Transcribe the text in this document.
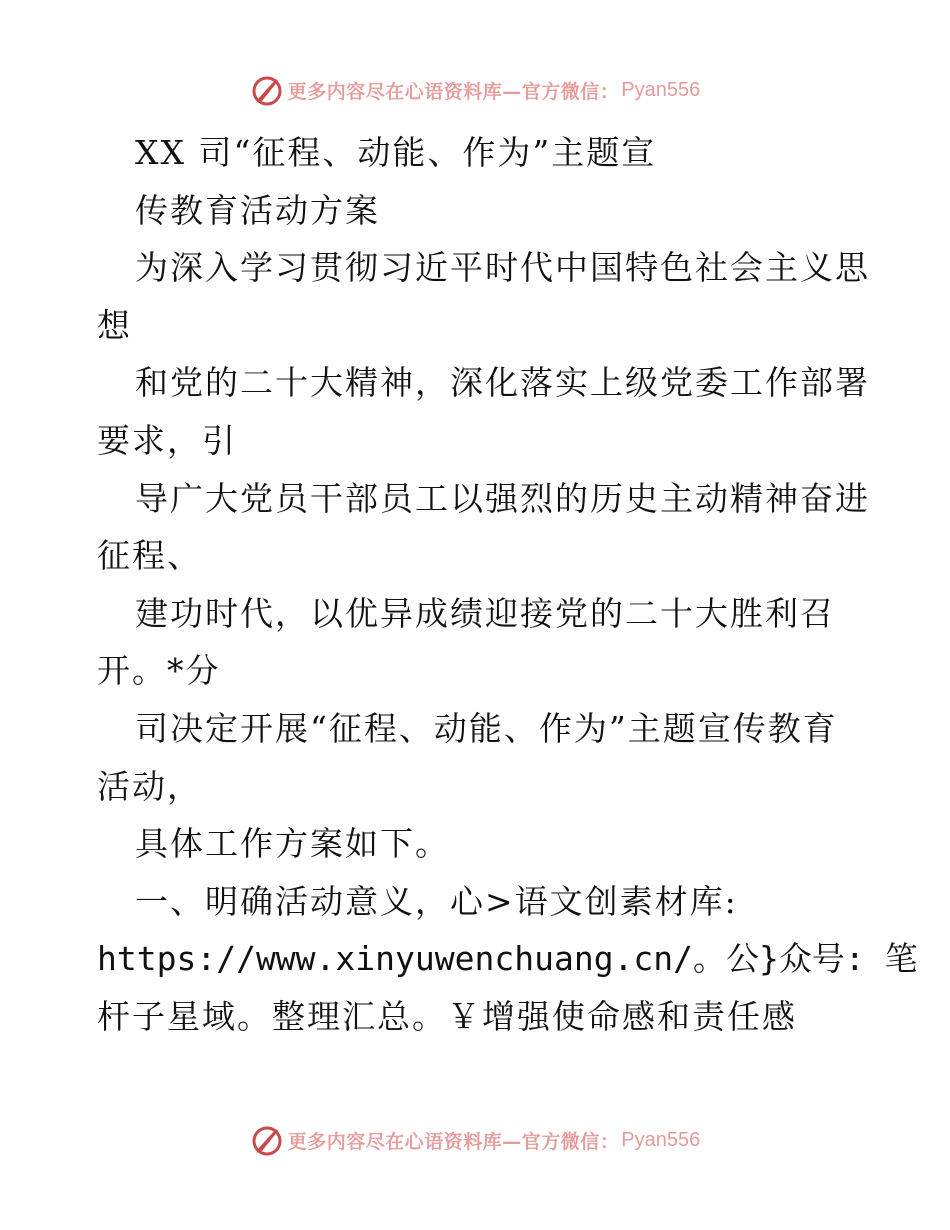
更多内容尽在心语资料库—官方微信： Pyan556
XX 司“征程、动能、作为”主题宣
传教育活动方案
为深入学习贯彻习近平时代中国特色社会主义思
想
和党的二十大精神，深化落实上级党委工作部署
要求，引
导广大党员干部员工以强烈的历史主动精神奋进
征程、
建功时代，以优异成绩迎接党的二十大胜利召
开。*分
司决定开展“征程、动能、作为”主题宣传教育
活动，
具体工作方案如下。
一、明确活动意义，心>语文创素材库:
https://www.xinyuwenchuang.cn/。公}众号: 笔
杆子星域。整理汇总。￥增强使命感和责任感
更多内容尽在心语资料库—官方微信： Pyan556
